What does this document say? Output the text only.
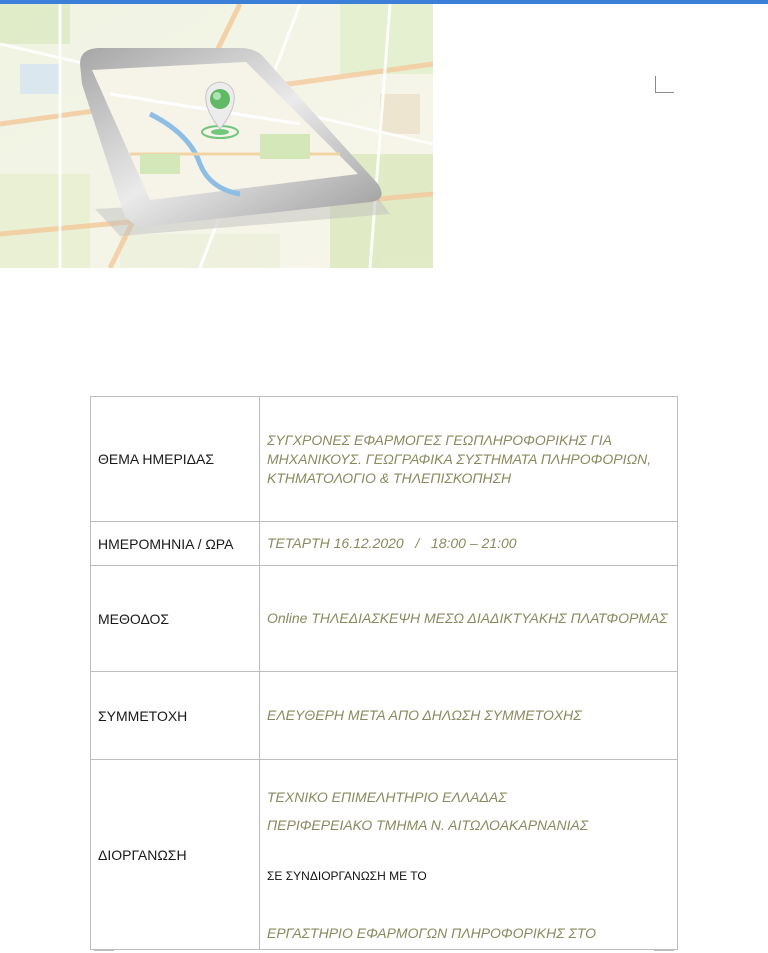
ΘΕΜΑ ΗΜΕΡΙΔΑΣ	ΣΥΓΧΡΟΝΕΣ ΕΦΑΡΜΟΓΕΣ ΓΕΩΠΛΗΡΟΦΟΡΙΚΗΣ ΓΙΑ ΜΗΧΑΝΙΚΟΥΣ. ΓΕΩΓΡΑΦΙΚΑ ΣΥΣΤΗΜΑΤΑ ΠΛΗΡΟΦΟΡΙΩΝ, ΚΤΗΜΑΤΟΛΟΓΙΟ & ΤΗΛΕΠΙΣΚΟΠΗΣΗ
ΗΜΕΡΟΜΗΝΙΑ / ΩΡΑ	ΤΕΤΑΡΤΗ 16.12.2020   /   18:00 – 21:00
ΜΕΘΟΔΟΣ	Online ΤΗΛΕΔΙΑΣΚΕΨΗ ΜΕΣΩ ΔΙΑΔΙΚΤΥΑΚΗΣ ΠΛΑΤΦΟΡΜΑΣ
ΣΥΜΜΕΤΟΧΗ	ΕΛΕΥΘΕΡΗ ΜΕΤΑ ΑΠΟ ΔΗΛΩΣΗ ΣΥΜΜΕΤΟΧΗΣ
ΔΙΟΡΓΑΝΩΣΗ	ΤΕΧΝΙΚΟ ΕΠΙΜΕΛΗΤΗΡΙΟ ΕΛΛΑΔΑΣ
ΠΕΡΙΦΕΡΕΙΑΚΟ ΤΜΗΜΑ Ν. ΑΙΤΩΛΟΑΚΑΡΝΑΝΙΑΣ
ΣΕ ΣΥΝΔΙΟΡΓΑΝΩΣΗ ΜΕ ΤΟ
ΕΡΓΑΣΤΗΡΙΟ ΕΦΑΡΜΟΓΩΝ ΠΛΗΡΟΦΟΡΙΚΗΣ ΣΤΟ
